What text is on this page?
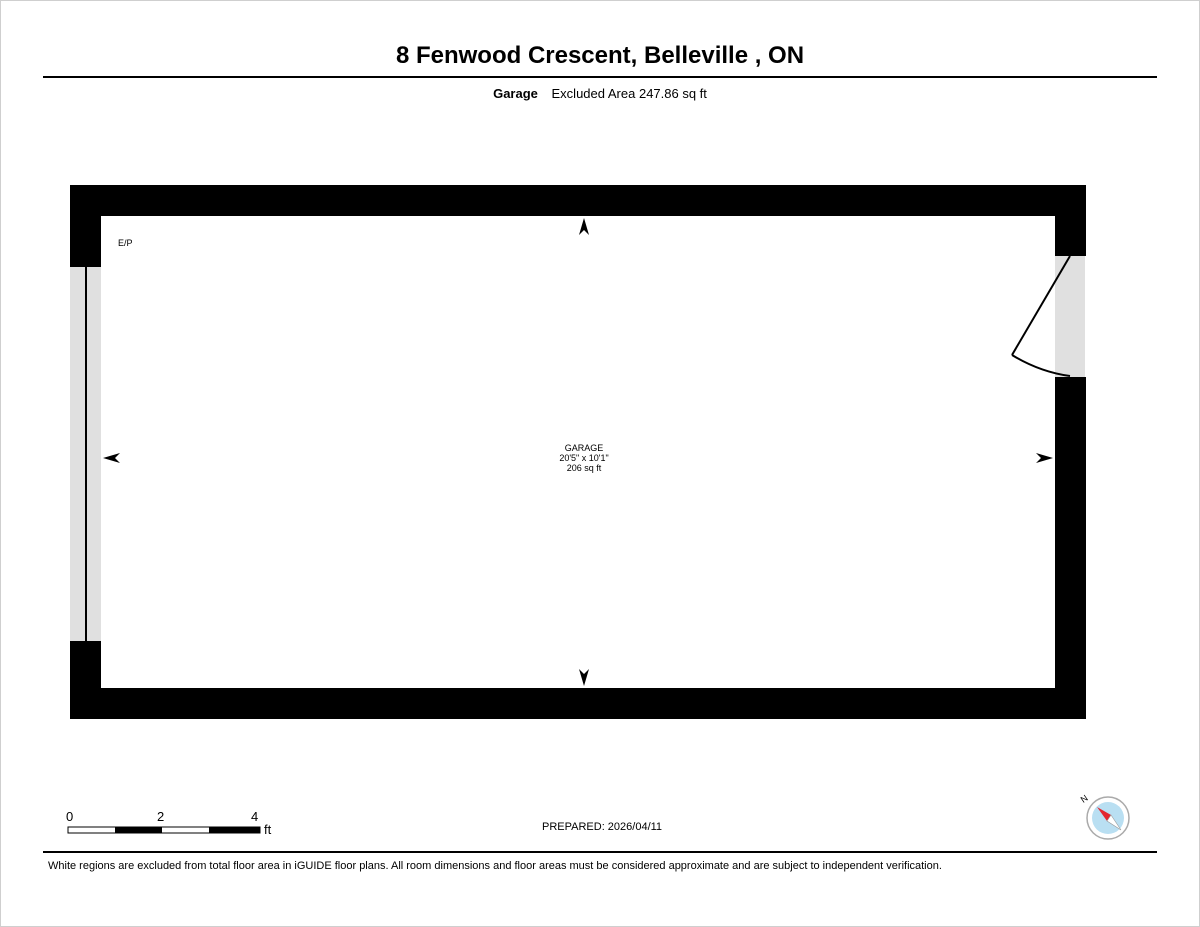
8 Fenwood Crescent, Belleville , ON
Garage Excluded Area 247.86 sq ft
E/P
GARAGE
20'5" x 10'1"
206 sq ft
0	2	4
ft	PREPARED: 2026/04/11
N
White regions are excluded from total floor area in iGUIDE floor plans. All room dimensions and floor areas must be considered approximate and are subject to independent verification.
